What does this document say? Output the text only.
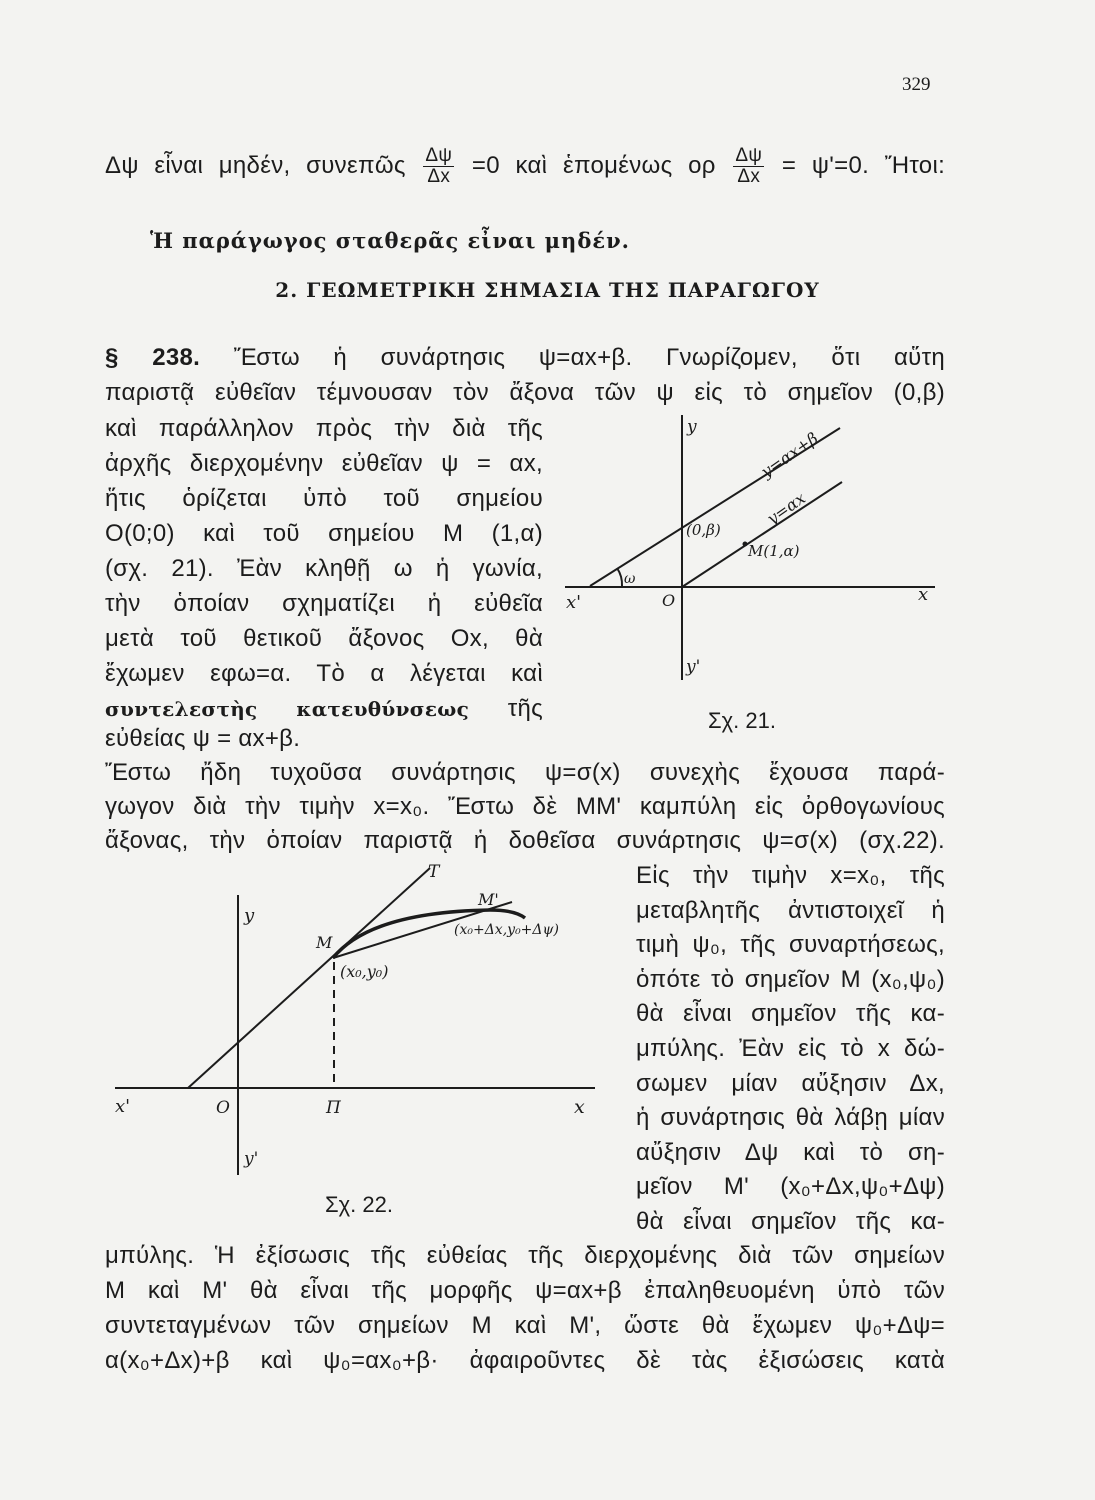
329
Δψ εἶναι μηδέν, συνεπῶς $\frac{\Delta\psi}{\Delta x} =0$ καὶ ἑπομένως ορ $\frac{\Delta\psi}{\Delta x} = \psi'=0$. Ἤτοι:
Ἡ παράγωγος σταθερᾶς εἶναι μηδέν.
2. ΓΕΩΜΕΤΡΙΚΗ ΣΗΜΑΣΙΑ ΤΗΣ ΠΑΡΑΓΩΓΟΥ
§ 238. Ἔστω ἡ συνάρτησις ψ=αx+β. Γνωρίζομεν, ὅτι αὕτη
παριστᾷ εὐθεῖαν τέμνουσαν τὸν ἄξονα τῶν ψ εἰς τὸ σημεῖον (0,β)
καὶ παράλληλον πρὸς τὴν διὰ τῆς
ἀρχῆς διερχομένην εὐθεῖαν ψ = αx,
ἥτις ὁρίζεται ὑπὸ τοῦ σημείου
O(0;0) καὶ τοῦ σημείου M (1,α)
(σχ. 21). Ἐὰν κληθῇ ω ἡ γωνία,
τὴν ὁποίαν σχηματίζει ἡ εὐθεῖα
μετὰ τοῦ θετικοῦ ἄξονος Ox, θὰ
ἔχωμεν εφω=α. Τὸ α λέγεται καὶ
συντελεστὴς κατευθύνσεως τῆς
εὐθείας ψ = αx+β.
y
y=αx+β
y=αx
(0,β)
M(1,α)
ω
x'	O	x
y'
T
M'
(x₀+Δx,y₀+Δψ)
M
(x₀,y₀)
y
x'	O	Π	x
y'
Σχ. 21.
Σχ. 22.
Ἔστω ἤδη τυχοῦσα συνάρτησις ψ=σ(x) συνεχὴς ἔχουσα παρά-
γωγον διὰ τὴν τιμὴν x=x₀. Ἔστω δὲ MM' καμπύλη εἰς ὀρθογωνίους
ἄξονας, τὴν ὁποίαν παριστᾷ ἡ δοθεῖσα συνάρτησις ψ=σ(x) (σχ.22).
Εἰς τὴν τιμὴν x=x₀, τῆς
μεταβλητῆς ἀντιστοιχεῖ ἡ
τιμὴ ψ₀, τῆς συναρτήσεως,
ὁπότε τὸ σημεῖον M (x₀,ψ₀)
θὰ εἶναι σημεῖον τῆς κα-
μπύλης. Ἐὰν εἰς τὸ x δώ-
σωμεν μίαν αὔξησιν Δx,
ἡ συνάρτησις θὰ λάβῃ μίαν
αὔξησιν Δψ καὶ τὸ ση-
μεῖον M' (x₀+Δx,ψ₀+Δψ)
θὰ εἶναι σημεῖον τῆς κα-
μπύλης. Ἡ ἐξίσωσις τῆς εὐθείας τῆς διερχομένης διὰ τῶν σημείων
M καὶ M' θὰ εἶναι τῆς μορφῆς ψ=αx+β ἐπαληθευομένη ὑπὸ τῶν
συντεταγμένων τῶν σημείων M καὶ M', ὥστε θὰ ἔχωμεν ψ₀+Δψ=
α(x₀+Δx)+β καὶ ψ₀=αx₀+β· ἀφαιροῦντες δὲ τὰς ἐξισώσεις κατὰ
